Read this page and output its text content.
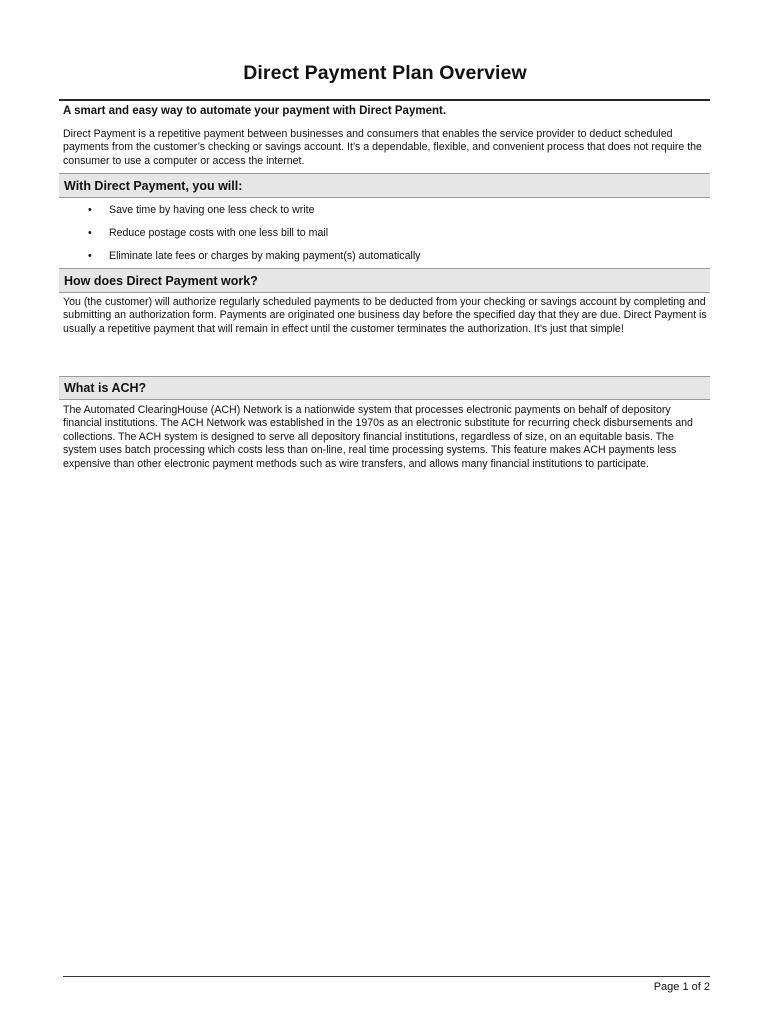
Direct Payment Plan Overview
A smart and easy way to automate your payment with Direct Payment.
Direct Payment is a repetitive payment between businesses and consumers that enables the service provider to deduct scheduled payments from the customer’s checking or savings account. It’s a dependable, flexible, and convenient process that does not require the consumer to use a computer or access the internet.
With Direct Payment, you will:
• Save time by having one less check to write
• Reduce postage costs with one less bill to mail
• Eliminate late fees or charges by making payment(s) automatically
How does Direct Payment work?
You (the customer) will authorize regularly scheduled payments to be deducted from your checking or savings account by completing and submitting an authorization form. Payments are originated one business day before the specified day that they are due. Direct Payment is usually a repetitive payment that will remain in effect until the customer terminates the authorization. It’s just that simple!
What is ACH?
The Automated ClearingHouse (ACH) Network is a nationwide system that processes electronic payments on behalf of depository financial institutions. The ACH Network was established in the 1970s as an electronic substitute for recurring check disbursements and collections. The ACH system is designed to serve all depository financial institutions, regardless of size, on an equitable basis. The system uses batch processing which costs less than on-line, real time processing systems. This feature makes ACH payments less expensive than other electronic payment methods such as wire transfers, and allows many financial institutions to participate.
Page 1 of 2
